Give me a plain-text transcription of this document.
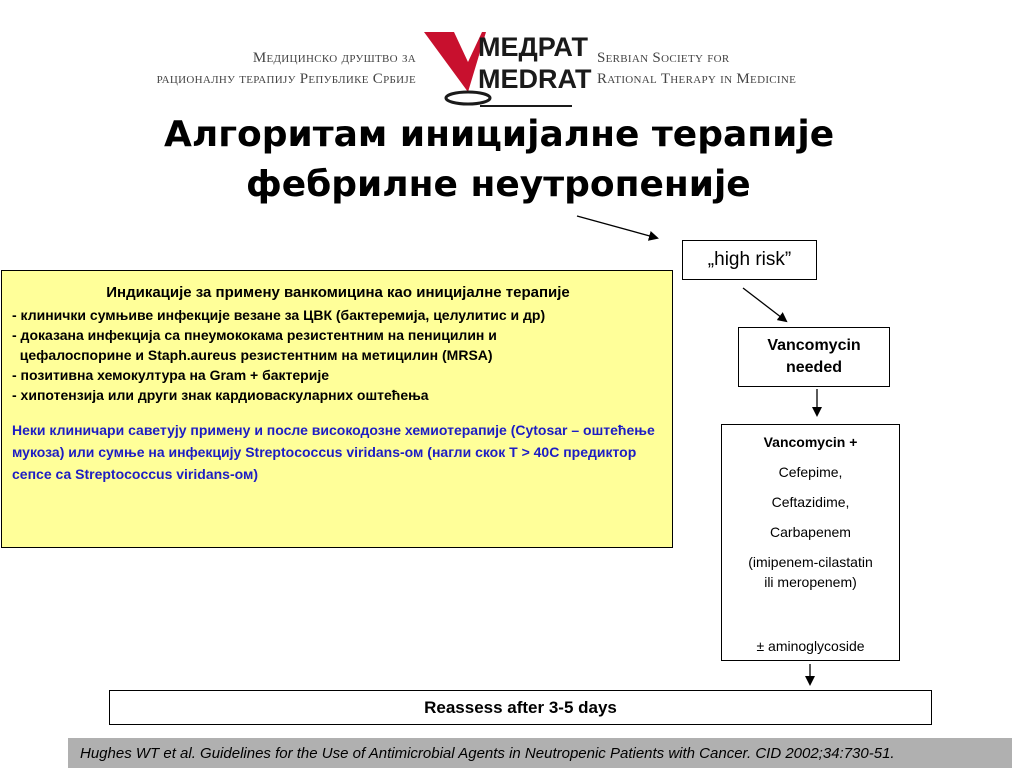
Медицинско друштво за
рационалну терапију Републике Србије
МЕДРАТ
MEDRAT
Serbian Society for
Rational Therapy in Medicine
Алгоритам иницијалне терапије
фебрилне неутропеније
„high risk”
Индикације за примену ванкомицина као иницијалне терапије
- клинички сумњиве инфекције везане за ЦВК (бактеремија, целулитис и др)
- доказана инфекција са пнеумококама резистентним на пеницилин и
цефалоспорине и Staph.aureus резистентним на метицилин (MRSA)
- позитивна хемокултура на Gram + бактерије
- хипотензија или други знак кардиоваскуларних оштећења
Неки клиничари саветују примену и после високодозне хемиотерапије (Cytosar – оштећење мукоза) или сумње на инфекцију Streptococcus viridans-ом (нагли скок Т > 40C предиктор сепсе са Streptococcus viridans-ом)
Vancomycin
needed
Vancomycin +
Cefepime,
Ceftazidime,
Carbapenem
(imipenem-cilastatin
ili meropenem)
± aminoglycoside
Reassess after 3-5 days
Hughes WT et al. Guidelines for the Use of Antimicrobial Agents in Neutropenic Patients with Cancer. CID 2002;34:730-51.
